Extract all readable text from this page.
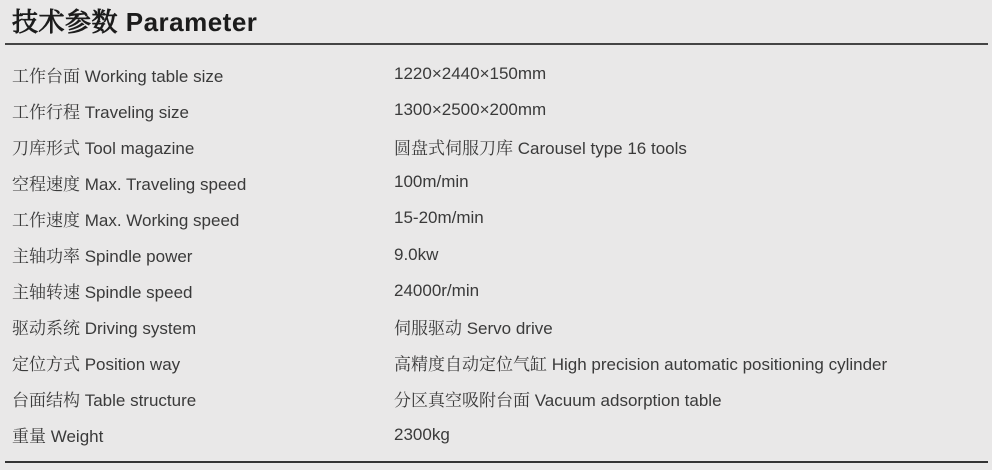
技术参数 Parameter
工作台面 Working table size	1220×2440×150mm
工作行程 Traveling size	1300×2500×200mm
刀库形式 Tool magazine	圆盘式伺服刀库 Carousel type 16 tools
空程速度 Max. Traveling speed	100m/min
工作速度 Max. Working speed	15-20m/min
主轴功率 Spindle power	9.0kw
主轴转速 Spindle speed	24000r/min
驱动系统 Driving system	伺服驱动 Servo drive
定位方式 Position way	高精度自动定位气缸 High precision automatic positioning cylinder
台面结构 Table structure	分区真空吸附台面 Vacuum adsorption table
重量 Weight	2300kg
